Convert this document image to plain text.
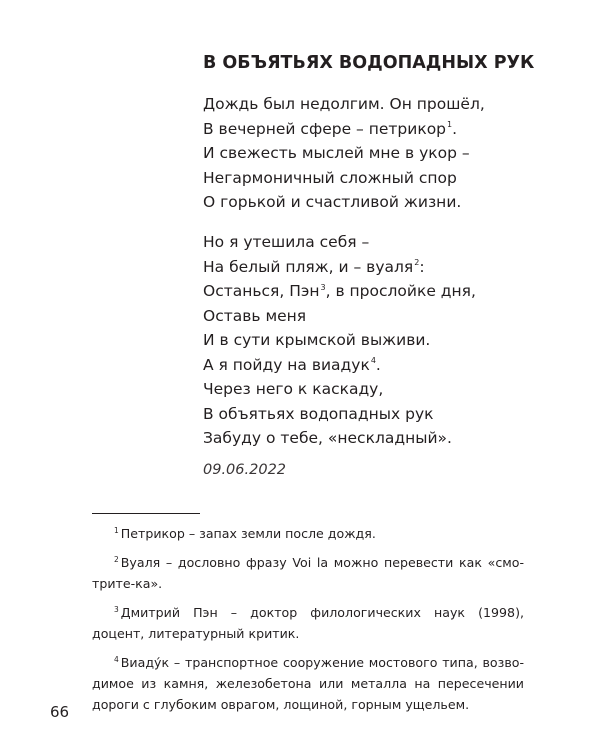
В ОБЪЯТЬЯХ ВОДОПАДНЫХ РУК
Дождь был недолгим. Он прошёл,
В вечерней сфере – петрикор$^1$.
И свежесть мыслей мне в укор –
Негармоничный сложный спор
О горькой и счастливой жизни.
Но я утешила себя –
На белый пляж, и – вуаля$^2$:
Останься, Пэн$^3$, в прослойке дня,
Оставь меня
И в сути крымской выживи.
А я пойду на виадук$^4$.
Через него к каскаду,
В объятьях водопадных рук
Забуду о тебе, «нескладный».
09.06.2022

$^1$ Петрикор – запах земли после дождя.

$^2$ Вуаля – дословно фразу Voi la можно перевести как «смотрите-ка».

$^3$ Дмитрий Пэн – доктор филологических наук (1998), доцент, литературный критик.

$^4$ Виаду́к – транспортное сооружение мостового типа, возводимое из камня, железобетона или металла на пересечении дороги с глубоким оврагом, лощиной, горным ущельем.

66
